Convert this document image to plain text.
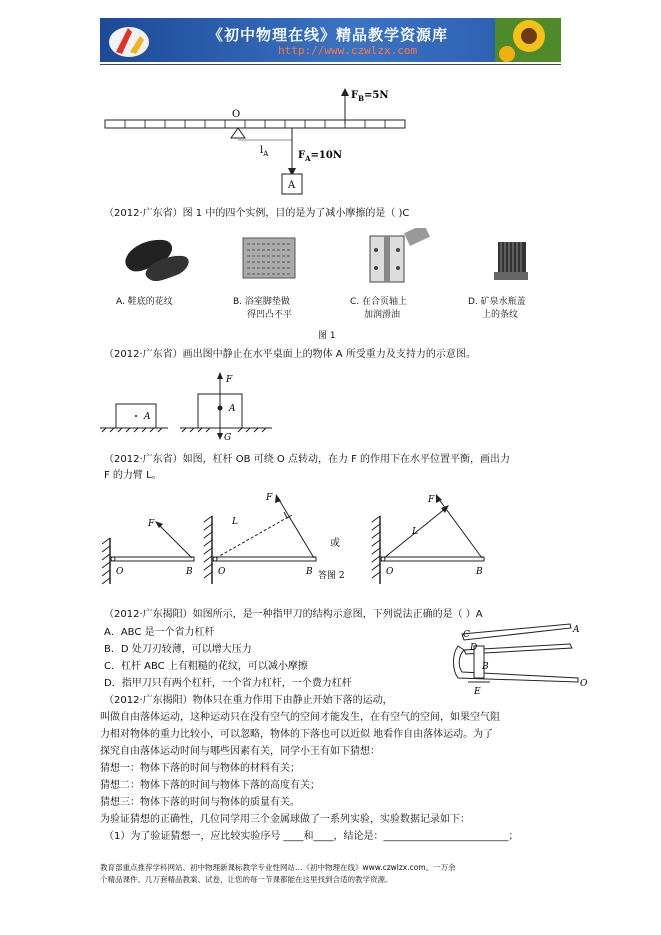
《初中物理在线》精品教学资源库
http://www.czwlzx.com
O
$F_B=5N$
$F_A=10N$
$l_A$
A
（2012·广东省）图 1 中的四个实例，目的是为了减小摩擦的是（ )C
A. 鞋底的花纹	B. 浴室脚垫做
得凹凸不平
C. 在合页轴上
加润滑油
D. 矿泉水瓶盖
上的条纹
图 1
（2012·广东省）画出图中静止在水平桌面上的物体 A 所受重力及支持力的示意图。
A
F
A
G
（2012·广东省）如图，杠杆 OB 可绕 O 点转动，在力 F 的作用下在水平位置平衡，画出力
F 的力臂 L。
F
O	B
F
L
O	B
或
答图 2
F
L
O	B
（2012·广东揭阳）如图所示，是一种指甲刀的结构示意图，下列说法正确的是（ ）A
A．ABC 是一个省力杠杆
B．D 处刀刃较薄，可以增大压力
C．杠杆 ABC 上有粗糙的花纹，可以减小摩擦
D．指甲刀只有两个杠杆，一个省力杠杆，一个费力杠杆
A
B
C
D
E
O
（2012·广东揭阳）物体只在重力作用下由静止开始下落的运动，
叫做自由落体运动，这种运动只在没有空气的空间才能发生，在有空气的空间，如果空气阻
力相对物体的重力比较小，可以忽略，物体的下落也可以近似 地看作自由落体运动。为了
探究自由落体运动时间与哪些因素有关，同学小王有如下猜想：
猜想一：物体下落的时间与物体的材料有关；
猜想二：物体下落的时间与物体下落的高度有关；
猜想三：物体下落的时间与物体的质量有关。
为验证猜想的正确性，几位同学用三个金属球做了一系列实验，实验数据记录如下：
（1）为了验证猜想一，应比较实验序号 ____和____，结论是：_________________________；
教育部重点推荐学科网站、初中物理新课标教学专业性网站…《初中物理在线》www.czwlzx.com。一万余
个精品课件、几万套精品教案、试卷，让您的每一节课都能在这里找到合适的教学资源。
